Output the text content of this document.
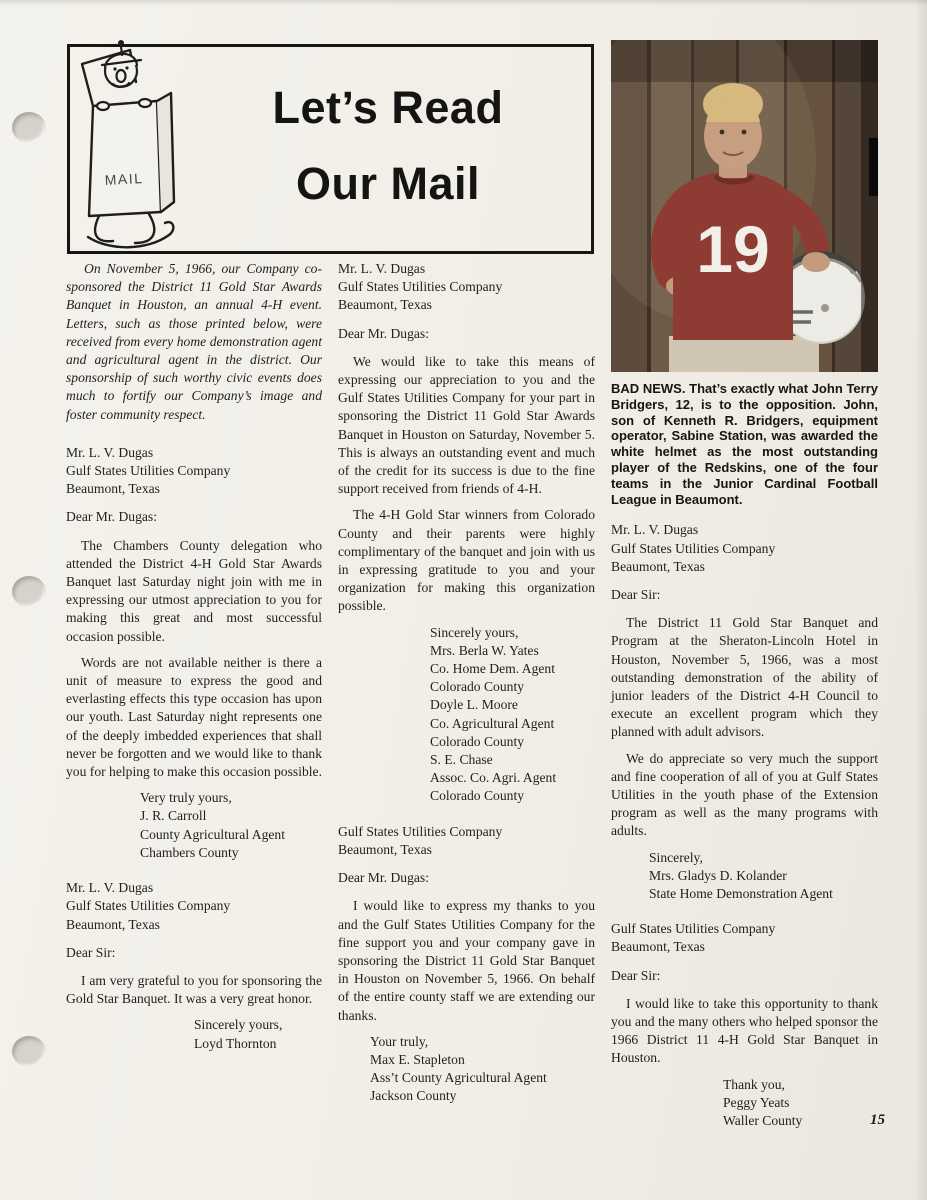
MAIL
Let’s Read
Our Mail
On November 5, 1966, our Company co-sponsored the District 11 Gold Star Awards Banquet in Houston, an annual 4-H event. Letters, such as those printed below, were received from every home demonstration agent and agricultural agent in the district. Our sponsorship of such worthy civic events does much to fortify our Company’s image and foster community respect.
Mr. L. V. Dugas
Gulf States Utilities Company
Beaumont, Texas
Dear Mr. Dugas:
The Chambers County delegation who attended the District 4-H Gold Star Awards Banquet last Saturday night join with me in expressing our utmost appreciation to you for making this great and most successful occasion possible.
Words are not available neither is there a unit of measure to express the good and everlasting effects this type occasion has upon our youth. Last Saturday night represents one of the deeply imbedded experiences that shall never be forgotten and we would like to thank you for helping to make this occasion possible.
Very truly yours,
J. R. Carroll
County Agricultural Agent
Chambers County
Mr. L. V. Dugas
Gulf States Utilities Company
Beaumont, Texas
Dear Sir:
I am very grateful to you for sponsoring the Gold Star Banquet. It was a very great honor.
Sincerely yours,
Loyd Thornton
Mr. L. V. Dugas
Gulf States Utilities Company
Beaumont, Texas
Dear Mr. Dugas:
We would like to take this means of expressing our appreciation to you and the Gulf States Utilities Company for your part in sponsoring the District 11 Gold Star Awards Banquet in Houston on Saturday, November 5. This is always an outstanding event and much of the credit for its success is due to the fine support received from friends of 4-H.
The 4-H Gold Star winners from Colorado County and their parents were highly complimentary of the banquet and join with us in expressing gratitude to you and your organization for making this organization possible.
Sincerely yours,
Mrs. Berla W. Yates
Co. Home Dem. Agent
Colorado County
Doyle L. Moore
Co. Agricultural Agent
Colorado County
S. E. Chase
Assoc. Co. Agri. Agent
Colorado County
Gulf States Utilities Company
Beaumont, Texas
Dear Mr. Dugas:
I would like to express my thanks to you and the Gulf States Utilities Company for the fine support you and your company gave in sponsoring the District 11 Gold Star Banquet in Houston on November 5, 1966. On behalf of the entire county staff we are extending our thanks.
Your truly,
Max E. Stapleton
Ass’t County Agricultural Agent
Jackson County
19
BAD NEWS. That’s exactly what John Terry Bridgers, 12, is to the opposition. John, son of Kenneth R. Bridgers, equipment operator, Sabine Station, was awarded the white helmet as the most outstanding player of the Redskins, one of the four teams in the Junior Cardinal Football League in Beaumont.
Mr. L. V. Dugas
Gulf States Utilities Company
Beaumont, Texas
Dear Sir:
The District 11 Gold Star Banquet and Program at the Sheraton-Lincoln Hotel in Houston, November 5, 1966, was a most outstanding demonstration of the ability of junior leaders of the District 4-H Council to execute an excellent program which they planned with adult advisors.
We do appreciate so very much the support and fine cooperation of all of you at Gulf States Utilities in the youth phase of the Extension program as well as the many programs with adults.
Sincerely,
Mrs. Gladys D. Kolander
State Home Demonstration Agent
Gulf States Utilities Company
Beaumont, Texas
Dear Sir:
I would like to take this opportunity to thank you and the many others who helped sponsor the 1966 District 11 4-H Gold Star Banquet in Houston.
Thank you,
Peggy Yeats
Waller County	15
